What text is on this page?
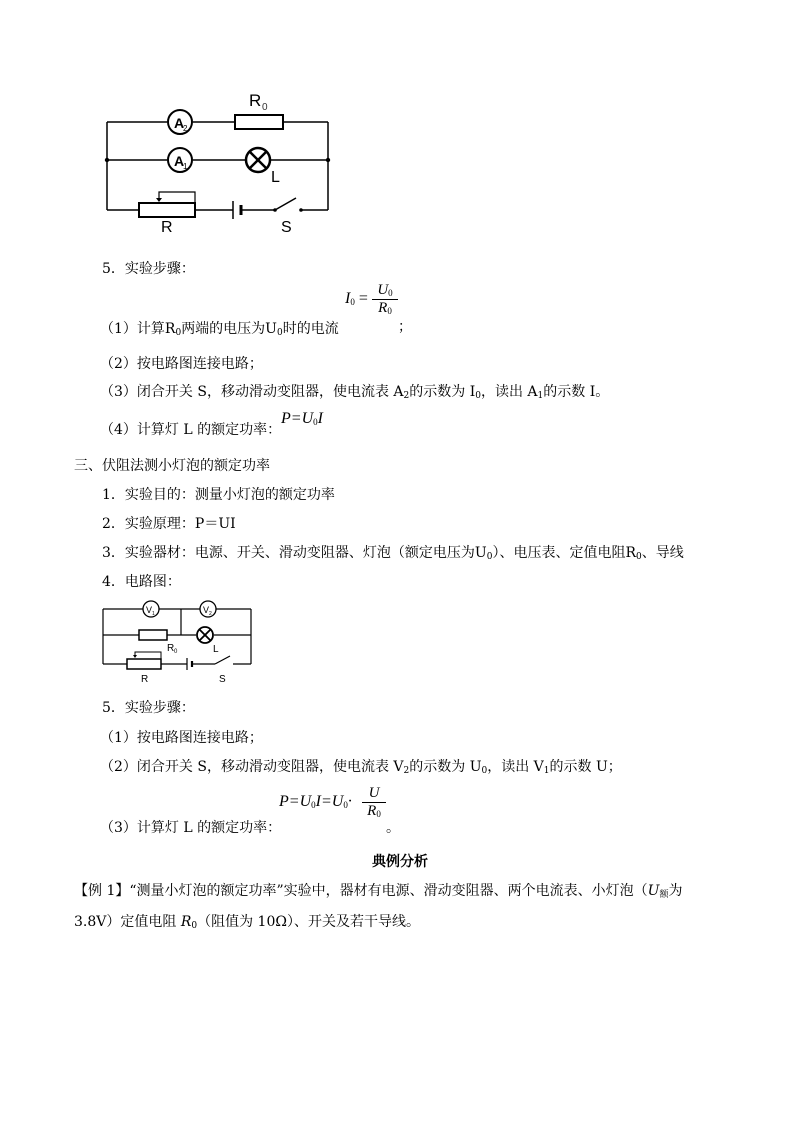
A
2
A
1
R 0
L
R	S
5．实验步骤：
（1）计算$R_0$两端的电压为$U_0$时的电流
$I_0 = \frac{U_0}{R_0}$
；
（2）按电路图连接电路；
（3）闭合开关 S，移动滑动变阻器，使电流表 $A_2$的示数为 $I_0$，读出 $A_1$的示数 I。
（4）计算灯 L 的额定功率：
$P=U_0I$
三、伏阻法测小灯泡的额定功率
1．实验目的：测量小灯泡的额定功率
2．实验原理：P＝UI
3．实验器材：电源、开关、滑动变阻器、灯泡（额定电压为$U_0$）、电压表、定值电阻$R_0$、导线
4．电路图：
V 1	V 2
R 0	L
R	S
5．实验步骤：
（1）按电路图连接电路；
（2）闭合开关 S，移动滑动变阻器，使电流表 $V_2$的示数为 $U_0$，读出 $V_1$的示数 U；
（3）计算灯 L 的额定功率：
$P=U_0I=U_0\cdot \frac{U}{R_0}$
。
典例分析
【例 1】“测量小灯泡的额定功率”实验中，器材有电源、滑动变阻器、两个电流表、小灯泡（$U_额$为
3.8V）定值电阻 $R_0$（阻值为 10Ω）、开关及若干导线。
